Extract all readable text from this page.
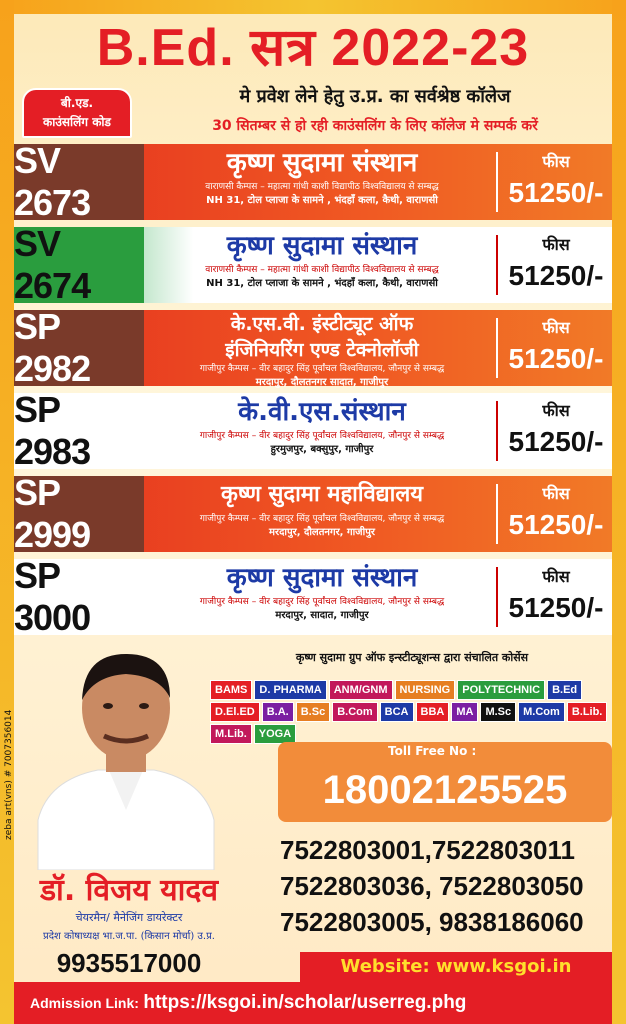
B.Ed. सत्र 2022-23
बी.एड.
काउंसलिंग कोड
मे प्रवेश लेने हेतु उ.प्र. का सर्वश्रेष्ठ कॉलेज
30 सितम्बर से हो रही काउंसलिंग के लिए कॉलेज मे सम्पर्क करें
SV 2673
कृष्ण सुदामा संस्थान
वाराणसी कैम्पस – महात्मा गांधी काशी विद्यापीठ विश्वविद्यालय से सम्बद्ध
NH 31, टोल प्लाजा के सामने , भंदहाँ कला, कैथी, वाराणसी
फीस
51250/-
SV 2674
कृष्ण सुदामा संस्थान
वाराणसी कैम्पस – महात्मा गांधी काशी विद्यापीठ विश्वविद्यालय से सम्बद्ध
NH 31, टोल प्लाजा के सामने , भंदहाँ कला, कैथी, वाराणसी
फीस
51250/-
SP 2982
के.एस.वी. इंस्टीट्यूट ऑफ
इंजिनियरिंग एण्ड टेक्नोलॉजी
गाजीपुर कैम्पस – वीर बहादुर सिंह पूर्वांचल विश्वविद्यालय, जौनपुर से सम्बद्ध
मरदापुर, दौलतनगर सादात, गाजीपुर
फीस
51250/-
SP 2983
के.वी.एस.संस्थान
गाजीपुर कैम्पस – वीर बहादुर सिंह पूर्वांचल विश्वविद्यालय, जौनपुर से सम्बद्ध
हुरमुजपुर, बक्सुपुर, गाजीपुर
फीस
51250/-
SP 2999
कृष्ण सुदामा महाविद्यालय
गाजीपुर कैम्पस – वीर बहादुर सिंह पूर्वांचल विश्वविद्यालय, जौनपुर से सम्बद्ध
मरदापुर, दौलतनगर, गाजीपुर
फीस
51250/-
SP 3000
कृष्ण सुदामा संस्थान
गाजीपुर कैम्पस – वीर बहादुर सिंह पूर्वांचल विश्वविद्यालय, जौनपुर से सम्बद्ध
मरदापुर, सादात, गाजीपुर
फीस
51250/-
zeba art(vns) # 7007356014
डॉ. विजय यादव
चेयरमैन/ मैनेजिंग डायरेक्टर
प्रदेश कोषाध्यक्ष भा.ज.पा. (किसान मोर्चा) उ.प्र.
9935517000
कृष्ण सुदामा ग्रुप ऑफ इन्स्टीट्यूशन्स द्वारा संचालित कोर्सेस
BAMS	D. PHARMA	ANM/GNM	NURSING	POLYTECHNIC	B.Ed
D.El.ED	B.A.	B.Sc	B.Com	BCA	BBA	MA	M.Sc	M.Com	B.Lib.
M.Lib.	YOGA
Toll Free No :
18002125525
7522803001,7522803011
7522803036, 7522803050
7522803005, 9838186060
Website: www.ksgoi.in
Admission Link: https://ksgoi.in/scholar/userreg.phg
